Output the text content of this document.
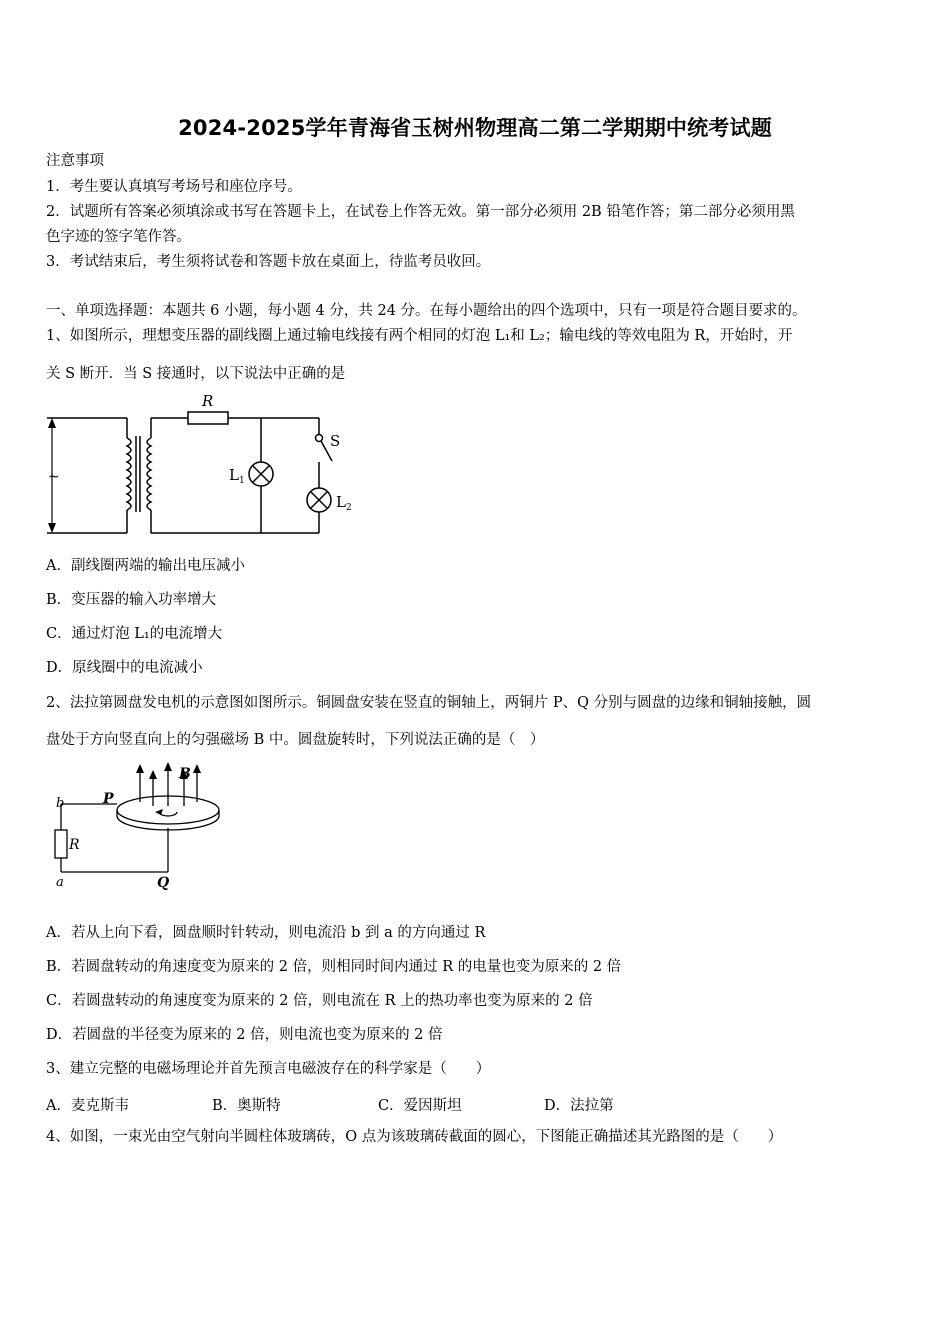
2024-2025学年青海省玉树州物理高二第二学期期中统考试题
注意事项
1．考生要认真填写考场号和座位序号。
2．试题所有答案必须填涂或书写在答题卡上，在试卷上作答无效。第一部分必须用 2B 铅笔作答；第二部分必须用黑
色字迹的签字笔作答。
3．考试结束后，考生须将试卷和答题卡放在桌面上，待监考员收回。
一、单项选择题：本题共 6 小题，每小题 4 分，共 24 分。在每小题给出的四个选项中，只有一项是符合题目要求的。
1、如图所示，理想变压器的副线圈上通过输电线接有两个相同的灯泡 L₁和 L₂；输电线的等效电阻为 R，开始时，开
关 S 断开．当 S 接通时，以下说法中正确的是
~
R
S
L 1
L 2
A．副线圈两端的输出电压减小
B．变压器的输入功率增大
C．通过灯泡 L₁的电流增大
D．原线圈中的电流减小
2、法拉第圆盘发电机的示意图如图所示。铜圆盘安装在竖直的铜轴上，两铜片 P、Q 分别与圆盘的边缘和铜轴接触，圆
盘处于方向竖直向上的匀强磁场 B 中。圆盘旋转时，下列说法正确的是（　）
B
P
Q
R
b
a
A．若从上向下看，圆盘顺时针转动，则电流沿 b 到 a 的方向通过 R
B．若圆盘转动的角速度变为原来的 2 倍，则相同时间内通过 R 的电量也变为原来的 2 倍
C．若圆盘转动的角速度变为原来的 2 倍，则电流在 R 上的热功率也变为原来的 2 倍
D．若圆盘的半径变为原来的 2 倍，则电流也变为原来的 2 倍
3、建立完整的电磁场理论并首先预言电磁波存在的科学家是（　　）
A．麦克斯韦	B．奥斯特	C．爱因斯坦	D．法拉第
4、如图，一束光由空气射向半圆柱体玻璃砖，O 点为该玻璃砖截面的圆心，下图能正确描述其光路图的是（　　）
